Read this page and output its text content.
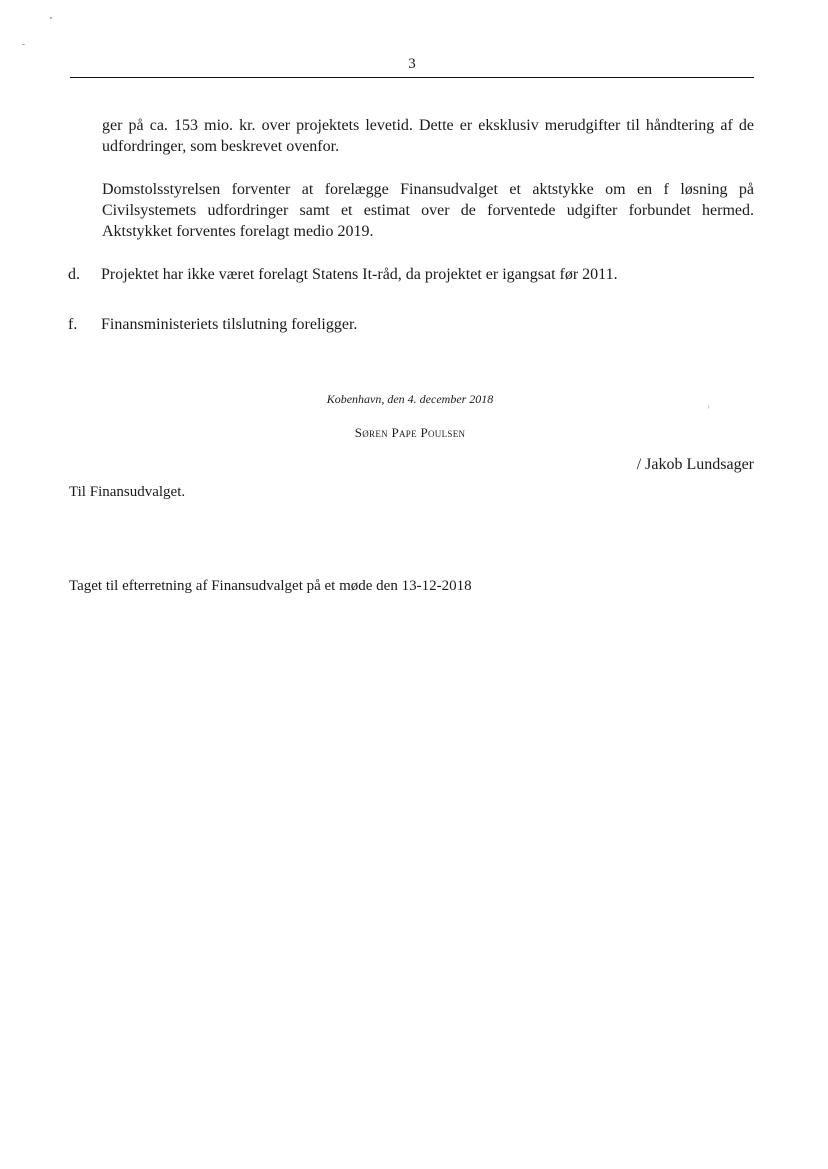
3
ger på ca. 153 mio. kr. over projektets levetid. Dette er eksklusiv merudgifter til håndtering af de udfordringer, som beskrevet ovenfor.
Domstolsstyrelsen forventer at forelægge Finansudvalget et aktstykke om en f løsning på Civilsystemets udfordringer samt et estimat over de forventede udgifter forbundet hermed. Aktstykket forventes forelagt medio 2019.
d. Projektet har ikke været forelagt Statens It-råd, da projektet er igangsat før 2011.
f. Finansministeriets tilslutning foreligger.
Kobenhavn, den 4. december 2018
Søren Pape Poulsen
/ Jakob Lundsager
Til Finansudvalget.
Taget til efterretning af Finansudvalget på et møde den 13-12-2018
